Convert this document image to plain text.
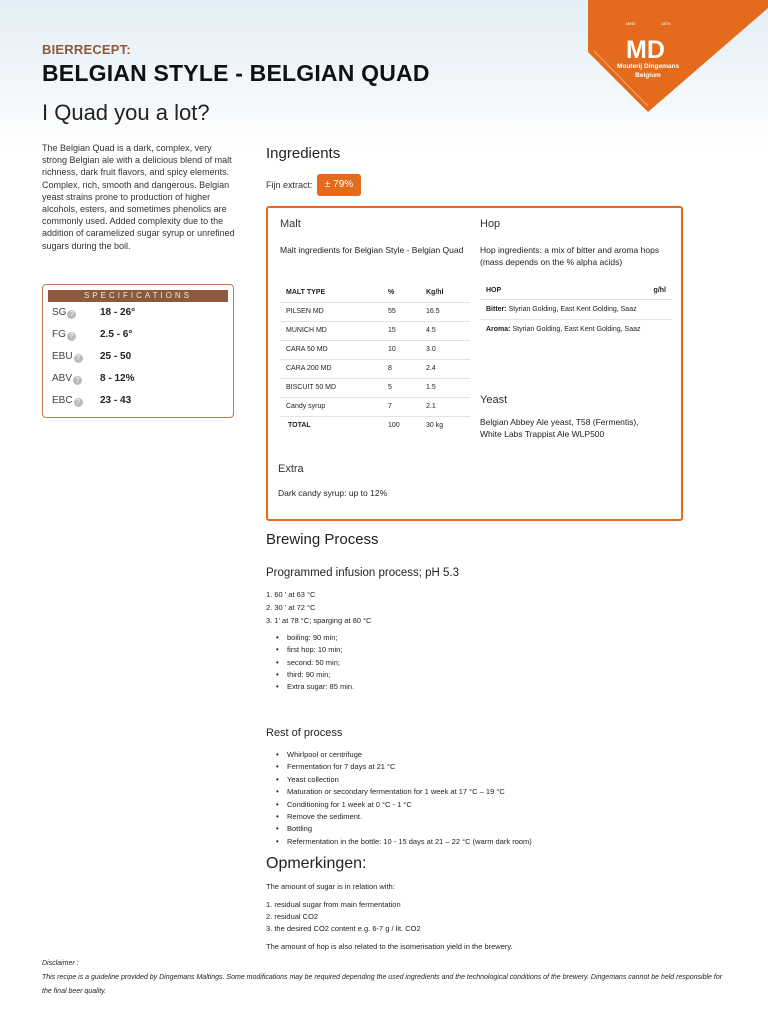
MMD	1879
MD
Mouterij Dingemans
Belgium
BIERRECEPT:
BELGIAN STYLE - BELGIAN QUAD
I Quad you a lot?
The Belgian Quad is a dark, complex, very strong Belgian ale with a delicious blend of malt richness, dark fruit flavors, and spicy elements. Complex, rich, smooth and dangerous. Belgian yeast strains prone to production of higher alcohols, esters, and sometimes phenolics are commonly used. Added complexity due to the addition of caramelized sugar syrup or unrefined sugars during the boil.
SPECIFICATIONS
SG ?	18 - 26°
FG ?	2.5 - 6°
EBU ? 25 - 50
ABV ? 8 - 12%
EBC ? 23 - 43
Ingredients
Fijn extract:	± 79%
Malt
Malt ingredients for Belgian Style - Belgian Quad
MALT TYPE	%	Kg/hl
PILSEN MD	55	16.5
MUNICH MD	15	4.5
CARA 50 MD	10	3.0
CARA 200 MD	8	2.4
BISCUIT 50 MD	5	1.5
Candy syrup	7	2.1
TOTAL	100	30 kg
Hop
Hop ingredients: a mix of bitter and aroma hops (mass depends on the % alpha acids)
HOP	g/hl
Bitter: Styrian Golding, East Kent Golding, Saaz
Aroma: Styrian Golding, East Kent Golding, Saaz
Yeast
Belgian Abbey Ale yeast, T58 (Fermentis), White Labs Trappist Ale WLP500
Extra
Dark candy syrup: up to 12%
Brewing Process
Programmed infusion process; pH 5.3
1. 60 ' at 63 °C
2. 30 ' at 72 °C
3. 1' at 78 °C; sparging at 80 °C
• boiling: 90 min;
• first hop: 10 min;
• second: 50 min;
• third: 90 min;
• Extra sugar: 85 min.
Rest of process
• Whirlpool or centrifuge
• Fermentation for 7 days at 21 °C
• Yeast collection
• Maturation or secondary fermentation for 1 week at 17 °C – 19 °C
• Conditioning for 1 week at 0 °C - 1 °C
• Remove the sediment.
• Bottling
• Refermentation in the bottle: 10 - 15 days at 21 – 22 °C (warm dark room)
Opmerkingen:
The amount of sugar is in relation with:
1. residual sugar from main fermentation
2. residual CO2
3. the desired CO2 content e.g. 6-7 g / lit. CO2
The amount of hop is also related to the isomerisation yield in the brewery.
Disclaimer :
This recipe is a guideline provided by Dingemans Maltings. Some modifications may be required depending the used ingredients and the technological conditions of the brewery. Dingemans cannot be held responsible for the final beer quality.
